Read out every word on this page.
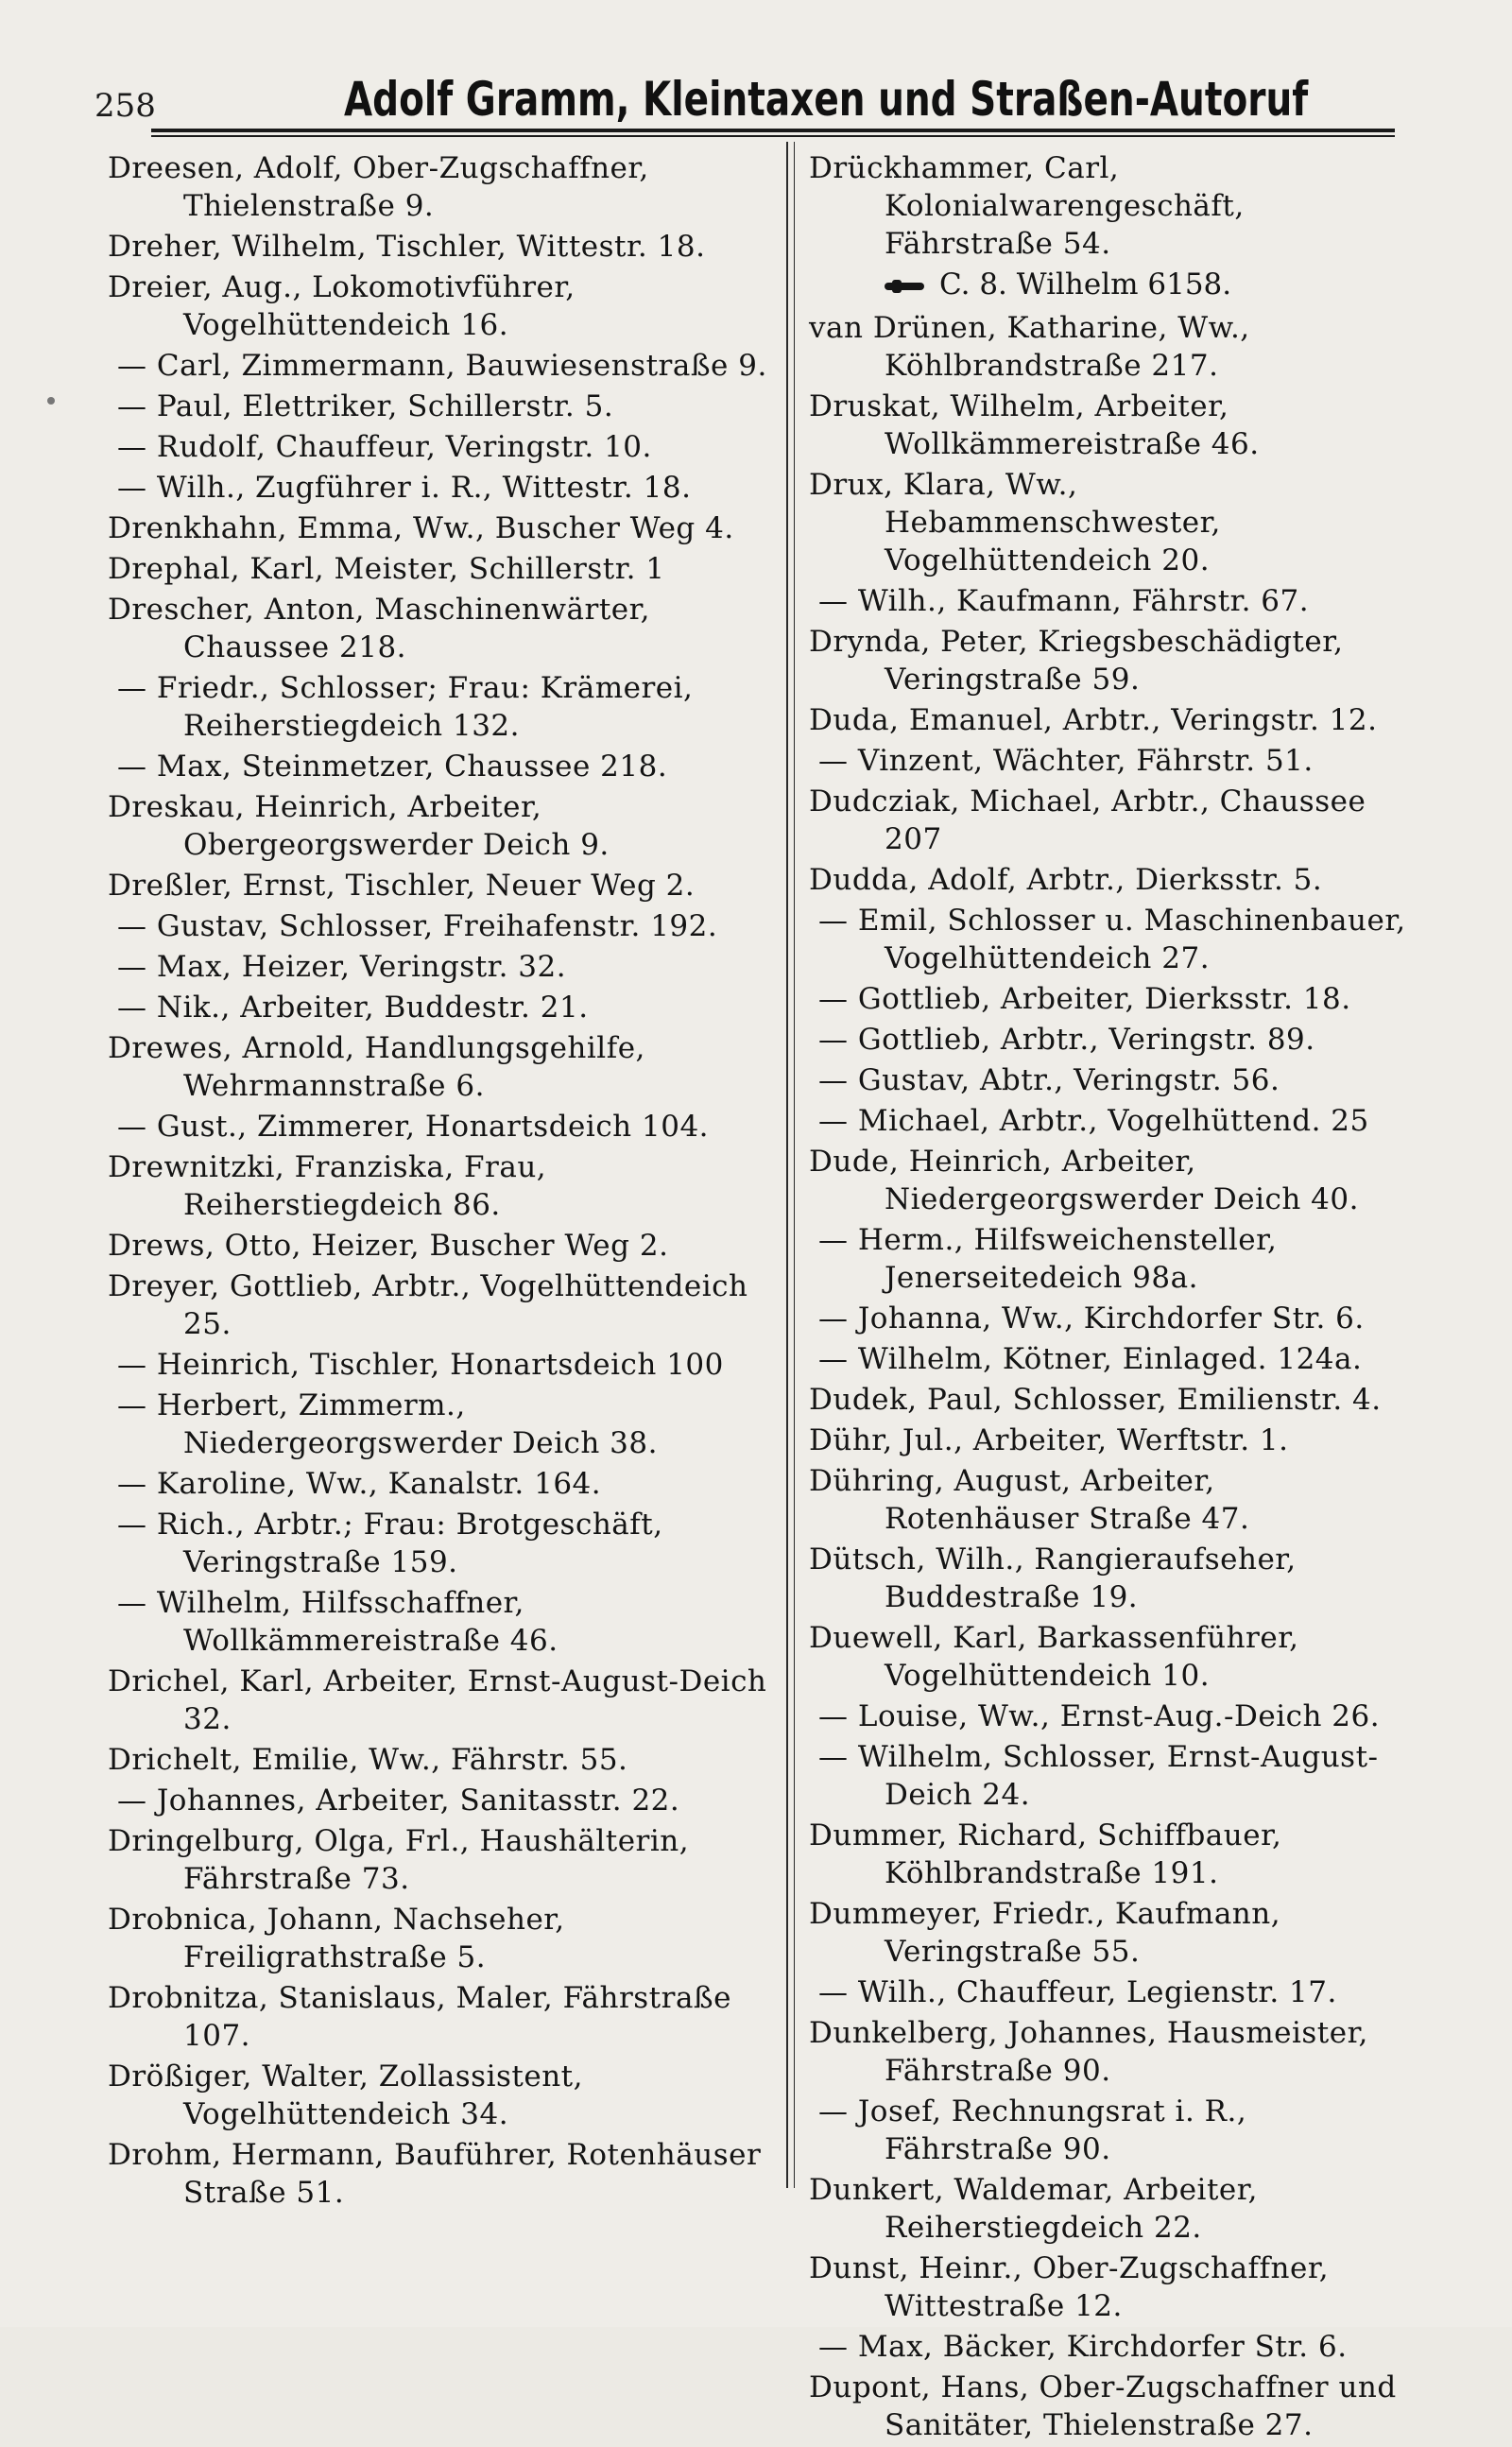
258	Adolf Gramm, Kleintaxen und Straßen-Autoruf
Dreesen, Adolf, Ober-Zugschaffner, Thielenstraße 9.
Dreher, Wilhelm, Tischler, Wittestr. 18.
Dreier, Aug., Lokomotivführer, Vogelhüttendeich 16.
— Carl, Zimmermann, Bauwiesenstraße 9.
— Paul, Elettriker, Schillerstr. 5.
— Rudolf, Chauffeur, Veringstr. 10.
— Wilh., Zugführer i. R., Wittestr. 18.
Drenkhahn, Emma, Ww., Buscher Weg 4.
Drephal, Karl, Meister, Schillerstr. 1
Drescher, Anton, Maschinenwärter, Chaussee 218.
— Friedr., Schlosser; Frau: Krämerei, Reiherstiegdeich 132.
— Max, Steinmetzer, Chaussee 218.
Dreskau, Heinrich, Arbeiter, Obergeorgswerder Deich 9.
Dreßler, Ernst, Tischler, Neuer Weg 2.
— Gustav, Schlosser, Freihafenstr. 192.
— Max, Heizer, Veringstr. 32.
— Nik., Arbeiter, Buddestr. 21.
Drewes, Arnold, Handlungsgehilfe, Wehrmannstraße 6.
— Gust., Zimmerer, Honartsdeich 104.
Drewnitzki, Franziska, Frau, Reiherstiegdeich 86.
Drews, Otto, Heizer, Buscher Weg 2.
Dreyer, Gottlieb, Arbtr., Vogelhüttendeich 25.
— Heinrich, Tischler, Honartsdeich 100
— Herbert, Zimmerm., Niedergeorgswerder Deich 38.
— Karoline, Ww., Kanalstr. 164.
— Rich., Arbtr.; Frau: Brotgeschäft, Veringstraße 159.
— Wilhelm, Hilfsschaffner, Wollkämmereistraße 46.
Drichel, Karl, Arbeiter, Ernst-August-Deich 32.
Drichelt, Emilie, Ww., Fährstr. 55.
— Johannes, Arbeiter, Sanitasstr. 22.
Dringelburg, Olga, Frl., Haushälterin, Fährstraße 73.
Drobnica, Johann, Nachseher, Freiligrathstraße 5.
Drobnitza, Stanislaus, Maler, Fährstraße 107.
Drößiger, Walter, Zollassistent, Vogelhüttendeich 34.
Drohm, Hermann, Bauführer, Rotenhäuser Straße 51.
Drückhammer, Carl, Kolonialwarengeschäft, Fährstraße 54.
C. 8. Wilhelm 6158.
van Drünen, Katharine, Ww., Köhlbrandstraße 217.
Druskat, Wilhelm, Arbeiter, Wollkämmereistraße 46.
Drux, Klara, Ww., Hebammenschwester, Vogelhüttendeich 20.
— Wilh., Kaufmann, Fährstr. 67.
Drynda, Peter, Kriegsbeschädigter, Veringstraße 59.
Duda, Emanuel, Arbtr., Veringstr. 12.
— Vinzent, Wächter, Fährstr. 51.
Dudcziak, Michael, Arbtr., Chaussee 207
Dudda, Adolf, Arbtr., Dierksstr. 5.
— Emil, Schlosser u. Maschinenbauer, Vogelhüttendeich 27.
— Gottlieb, Arbeiter, Dierksstr. 18.
— Gottlieb, Arbtr., Veringstr. 89.
— Gustav, Abtr., Veringstr. 56.
— Michael, Arbtr., Vogelhüttend. 25
Dude, Heinrich, Arbeiter, Niedergeorgswerder Deich 40.
— Herm., Hilfsweichensteller, Jenerseitedeich 98a.
— Johanna, Ww., Kirchdorfer Str. 6.
— Wilhelm, Kötner, Einlaged. 124a.
Dudek, Paul, Schlosser, Emilienstr. 4.
Dühr, Jul., Arbeiter, Werftstr. 1.
Dühring, August, Arbeiter, Rotenhäuser Straße 47.
Dütsch, Wilh., Rangieraufseher, Buddestraße 19.
Duewell, Karl, Barkassenführer, Vogelhüttendeich 10.
— Louise, Ww., Ernst-Aug.-Deich 26.
— Wilhelm, Schlosser, Ernst-August-Deich 24.
Dummer, Richard, Schiffbauer, Köhlbrandstraße 191.
Dummeyer, Friedr., Kaufmann, Veringstraße 55.
— Wilh., Chauffeur, Legienstr. 17.
Dunkelberg, Johannes, Hausmeister, Fährstraße 90.
— Josef, Rechnungsrat i. R., Fährstraße 90.
Dunkert, Waldemar, Arbeiter, Reiherstiegdeich 22.
Dunst, Heinr., Ober-Zugschaffner, Wittestraße 12.
— Max, Bäcker, Kirchdorfer Str. 6.
Dupont, Hans, Ober-Zugschaffner und Sanitäter, Thielenstraße 27.
